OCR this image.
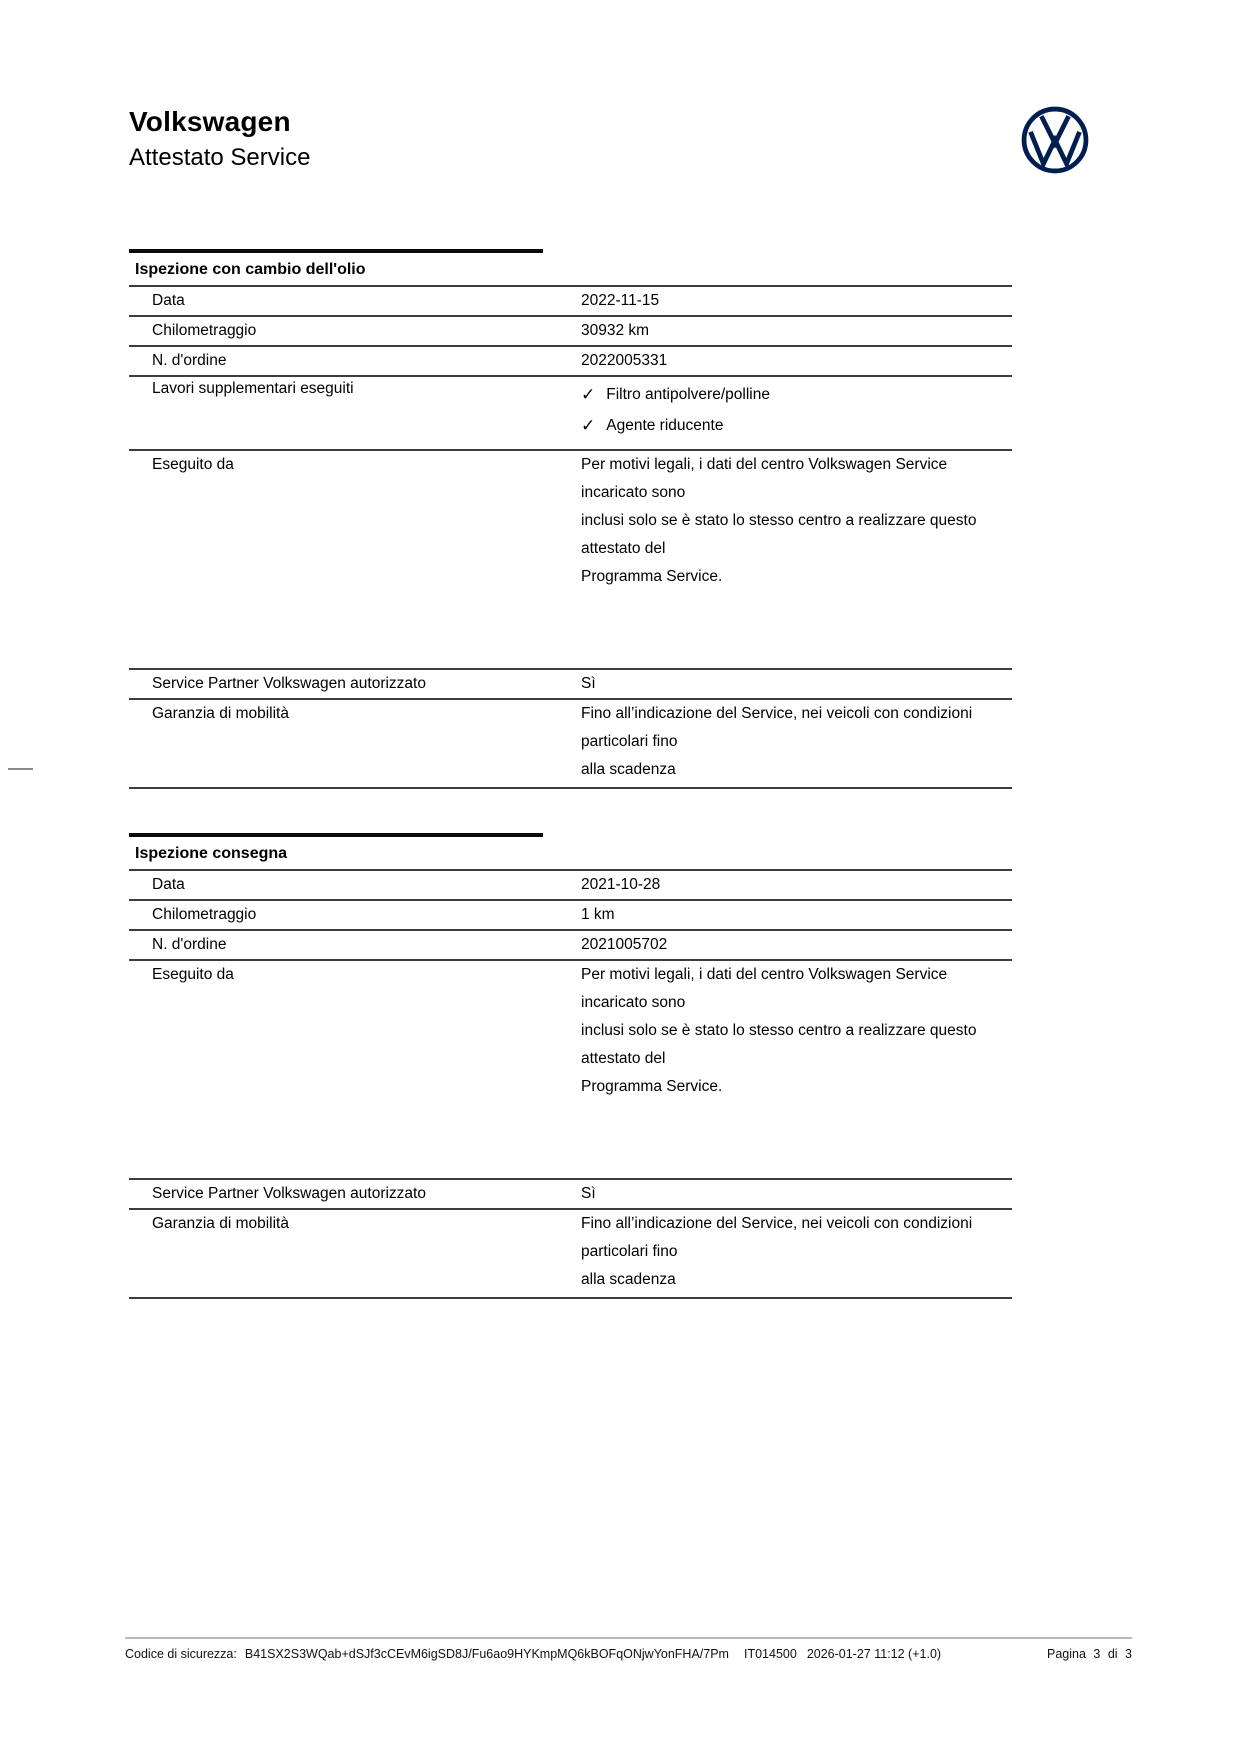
Volkswagen
Attestato Service
Ispezione con cambio dell'olio
Data	2022-11-15
Chilometraggio	30932 km
N. d'ordine	2022005331
Lavori supplementari eseguiti	✓ Filtro antipolvere/polline
✓ Agente riducente
Eseguito da	Per motivi legali, i dati del centro Volkswagen Service incaricato sono
inclusi solo se è stato lo stesso centro a realizzare questo attestato del
Programma Service.
Service Partner Volkswagen autorizzato	Sì
Garanzia di mobilità	Fino all’indicazione del Service, nei veicoli con condizioni particolari fino
alla scadenza
Ispezione consegna
Data	2021-10-28
Chilometraggio	1 km
N. d'ordine	2021005702
Eseguito da	Per motivi legali, i dati del centro Volkswagen Service incaricato sono
inclusi solo se è stato lo stesso centro a realizzare questo attestato del
Programma Service.
Service Partner Volkswagen autorizzato	Sì
Garanzia di mobilità	Fino all’indicazione del Service, nei veicoli con condizioni particolari fino
alla scadenza
Codice di sicurezza: B41SX2S3WQab+dSJf3cCEvM6igSD8J/Fu6ao9HYKmpMQ6kBOFqONjwYonFHA/7Pm IT014500 2026-01-27 11:12 (+1.0)	Pagina 3 di 3
